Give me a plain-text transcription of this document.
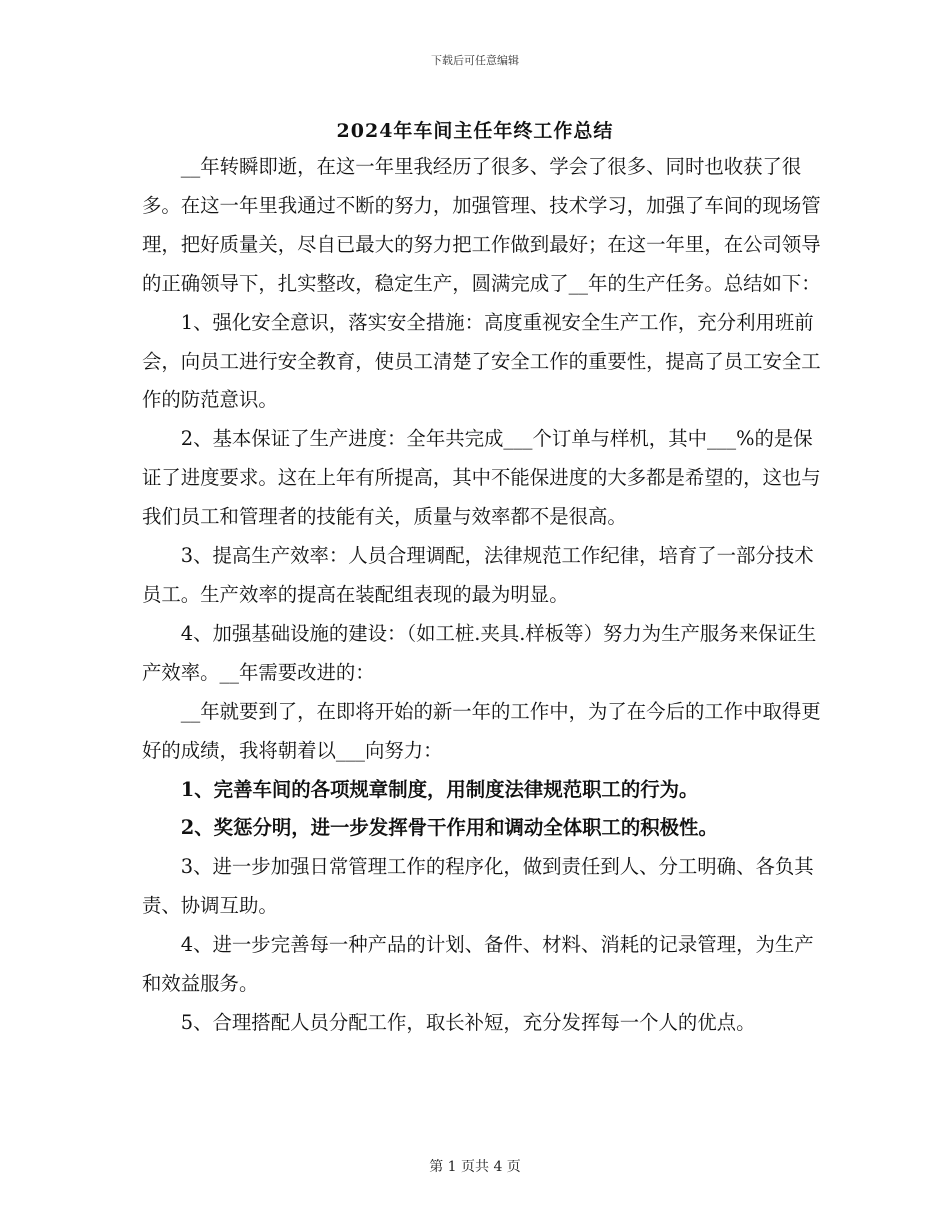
下载后可任意编辑
2024年车间主任年终工作总结

__年转瞬即逝，在这一年里我经历了很多、学会了很多、同时也收获了很多。在这一年里我通过不断的努力，加强管理、技术学习，加强了车间的现场管理，把好质量关，尽自已最大的努力把工作做到最好；在这一年里，在公司领导的正确领导下，扎实整改，稳定生产，圆满完成了__年的生产任务。总结如下：

1、强化安全意识，落实安全措施：高度重视安全生产工作，充分利用班前会，向员工进行安全教育，使员工清楚了安全工作的重要性，提高了员工安全工作的防范意识。

2、基本保证了生产进度：全年共完成___个订单与样机，其中___%的是保证了进度要求。这在上年有所提高，其中不能保进度的大多都是希望的，这也与我们员工和管理者的技能有关，质量与效率都不是很高。

3、提高生产效率：人员合理调配，法律规范工作纪律，培育了一部分技术员工。生产效率的提高在装配组表现的最为明显。

4、加强基础设施的建设：（如工桩.夹具.样板等）努力为生产服务来保证生产效率。__年需要改进的：

__年就要到了，在即将开始的新一年的工作中，为了在今后的工作中取得更好的成绩，我将朝着以___向努力：

1、完善车间的各项规章制度，用制度法律规范职工的行为。

2、奖惩分明，进一步发挥骨干作用和调动全体职工的积极性。

3、进一步加强日常管理工作的程序化，做到责任到人、分工明确、各负其责、协调互助。

4、进一步完善每一种产品的计划、备件、材料、消耗的记录管理，为生产和效益服务。

5、合理搭配人员分配工作，取长补短，充分发挥每一个人的优点。

第 1 页共 4 页
